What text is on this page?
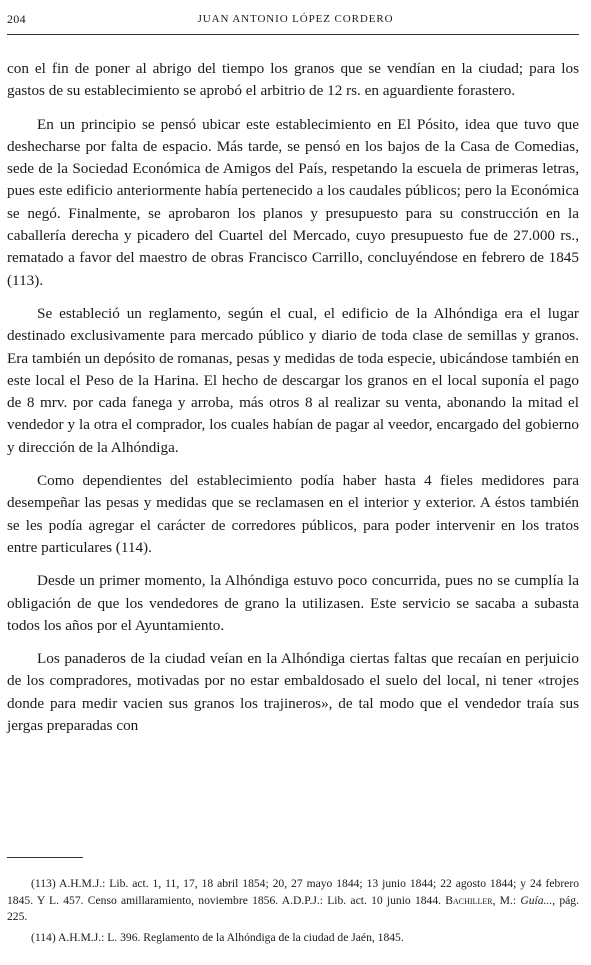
204	JUAN ANTONIO LÓPEZ CORDERO

con el fin de poner al abrigo del tiempo los granos que se vendían en la ciudad; para los gastos de su establecimiento se aprobó el arbitrio de 12 rs. en aguardiente forastero.

En un principio se pensó ubicar este establecimiento en El Pósito, idea que tuvo que deshecharse por falta de espacio. Más tarde, se pensó en los bajos de la Casa de Comedias, sede de la Sociedad Económica de Amigos del País, respetando la escuela de primeras letras, pues este edificio anteriormente había pertenecido a los caudales públicos; pero la Económica se negó. Finalmente, se aprobaron los planos y presupuesto para su construcción en la caballería derecha y picadero del Cuartel del Mercado, cuyo presupuesto fue de 27.000 rs., rematado a favor del maestro de obras Francisco Carrillo, concluyéndose en febrero de 1845 (113).

Se estableció un reglamento, según el cual, el edificio de la Alhóndiga era el lugar destinado exclusivamente para mercado público y diario de toda clase de semillas y granos. Era también un depósito de romanas, pesas y medidas de toda especie, ubicándose también en este local el Peso de la Harina. El hecho de descargar los granos en el local suponía el pago de 8 mrv. por cada fanega y arroba, más otros 8 al realizar su venta, abonando la mitad el vendedor y la otra el comprador, los cuales habían de pagar al veedor, encargado del gobierno y dirección de la Alhóndiga.

Como dependientes del establecimiento podía haber hasta 4 fieles medidores para desempeñar las pesas y medidas que se reclamasen en el interior y exterior. A éstos también se les podía agregar el carácter de corredores públicos, para poder intervenir en los tratos entre particulares (114).

Desde un primer momento, la Alhóndiga estuvo poco concurrida, pues no se cumplía la obligación de que los vendedores de grano la utilizasen. Este servicio se sacaba a subasta todos los años por el Ayuntamiento.

Los panaderos de la ciudad veían en la Alhóndiga ciertas faltas que recaían en perjuicio de los compradores, motivadas por no estar embaldosado el suelo del local, ni tener «trojes donde para medir vacien sus granos los trajineros», de tal modo que el vendedor traía sus jergas preparadas con

(113) A.H.M.J.: Lib. act. 1, 11, 17, 18 abril 1854; 20, 27 mayo 1844; 13 junio 1844; 22 agosto 1844; y 24 febrero 1845. Y L. 457. Censo amillaramiento, noviembre 1856. A.D.P.J.: Lib. act. 10 junio 1844. Bachiller, M.: Guía..., pág. 225.

(114) A.H.M.J.: L. 396. Reglamento de la Alhóndiga de la ciudad de Jaén, 1845.
